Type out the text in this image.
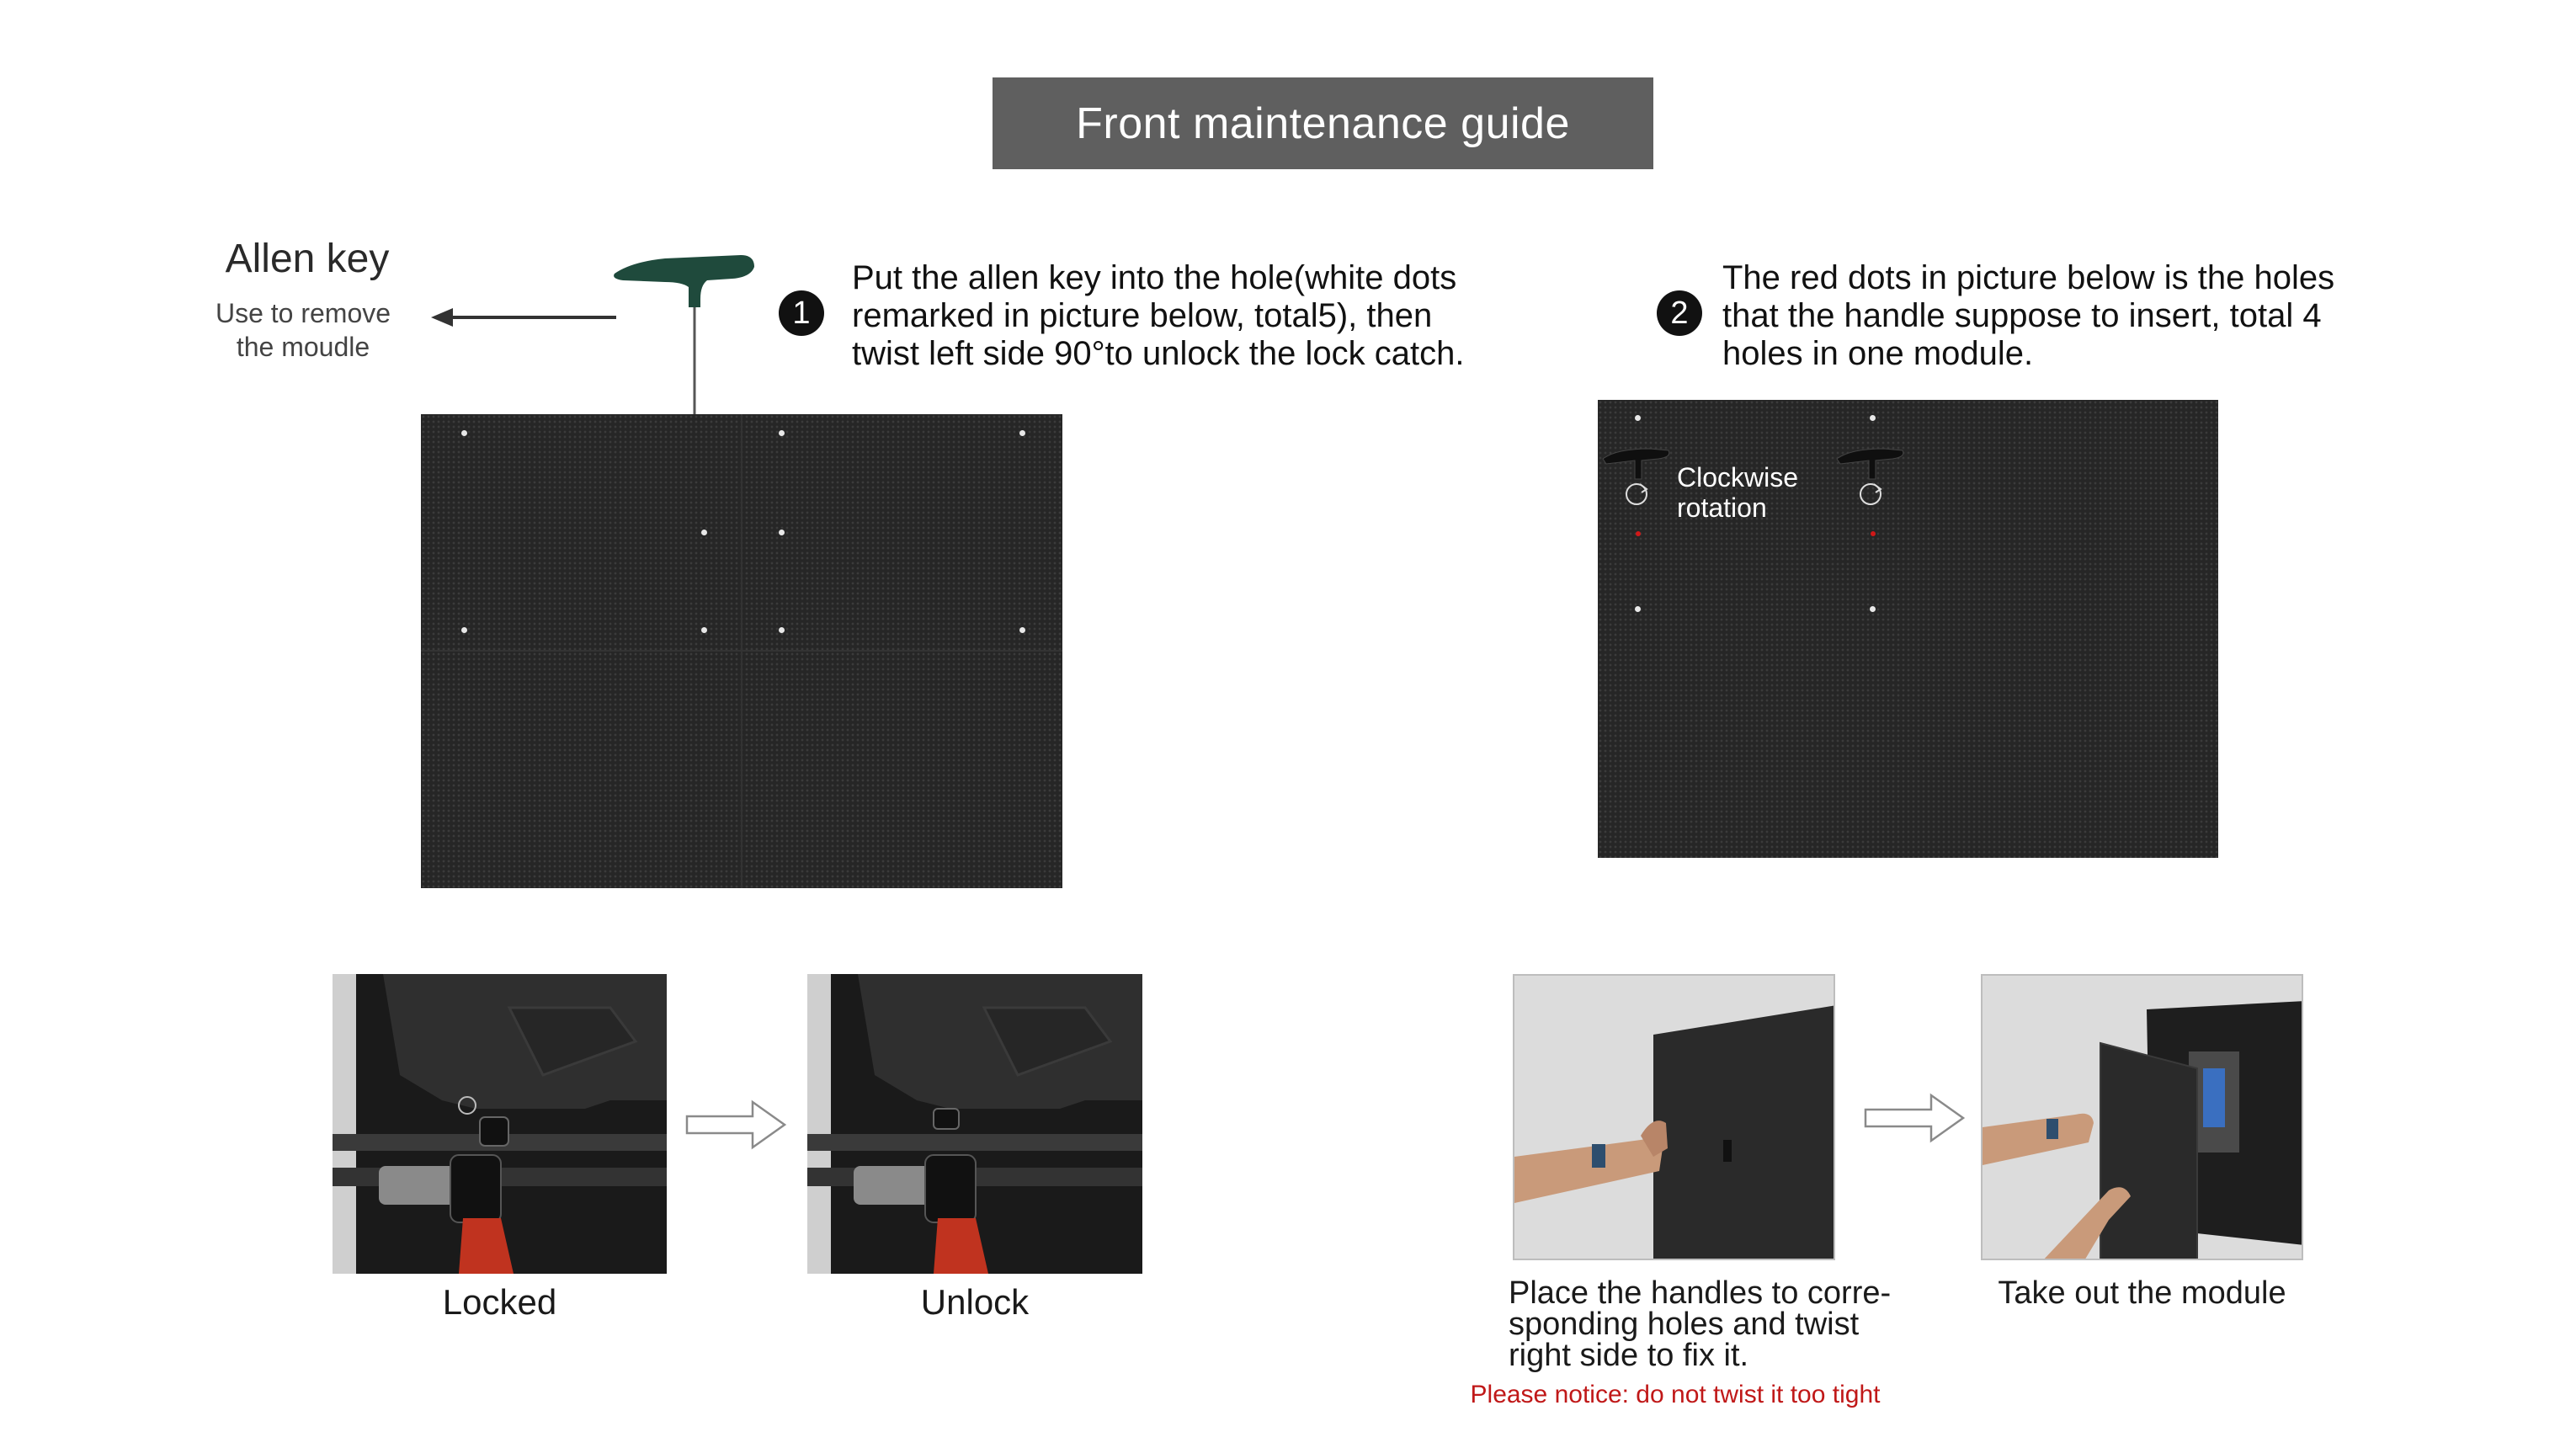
Front maintenance guide
Allen key
Use to remove
the moudle
1
Put the allen key into the hole(white dots
remarked in picture below, total5), then
twist left side 90°to unlock the lock catch.
2
The red dots in picture below is the holes
that the handle suppose to insert, total 4
holes in one module.
Clockwise
rotation
Locked	Unlock	Place the handles to corre-
sponding holes and twist
right side to fix it.
Take out the module
Please notice: do not twist it too tight
